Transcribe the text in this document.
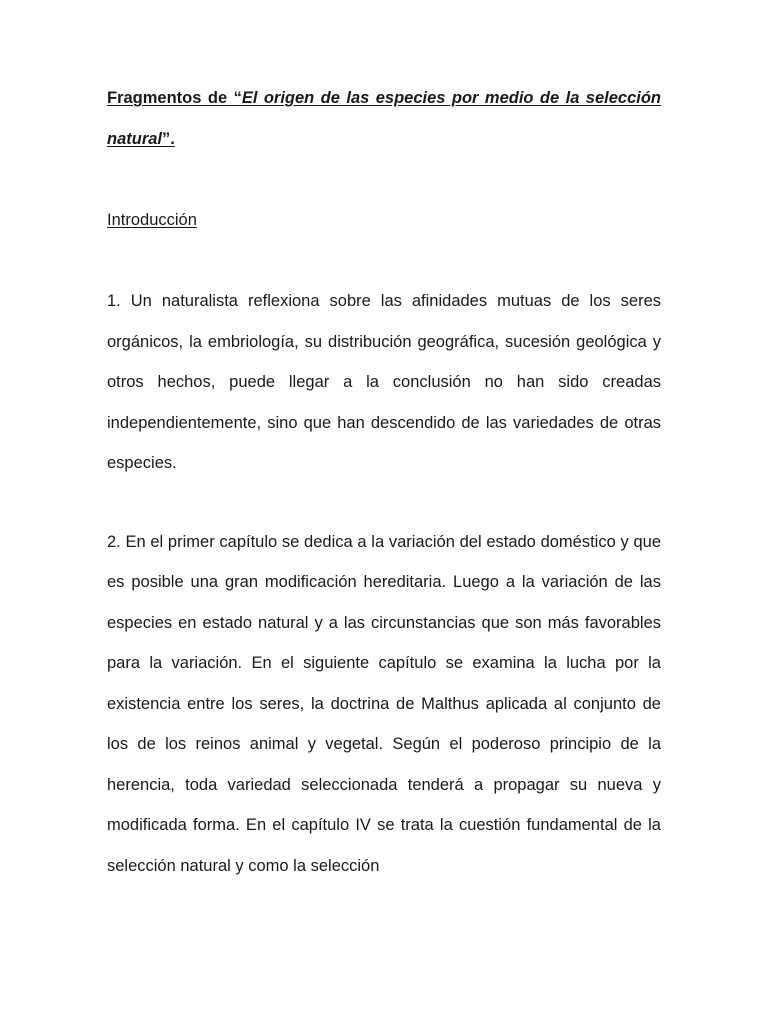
Fragmentos de “El origen de las especies por medio de la selección natural”.

Introducción

1. Un naturalista reflexiona sobre las afinidades mutuas de los seres orgánicos, la embriología, su distribución geográfica, sucesión geológica y otros hechos, puede llegar a la conclusión no han sido creadas independientemente, sino que han descendido de las variedades de otras especies.

2. En el primer capítulo se dedica a la variación del estado doméstico y que es posible una gran modificación hereditaria. Luego a la variación de las especies en estado natural y a las circunstancias que son más favorables para la variación. En el siguiente capítulo se examina la lucha por la existencia entre los seres, la doctrina de Malthus aplicada al conjunto de los de los reinos animal y vegetal. Según el poderoso principio de la herencia, toda variedad seleccionada tenderá a propagar su nueva y modificada forma. En el capítulo IV se trata la cuestión fundamental de la selección natural y como la selección
